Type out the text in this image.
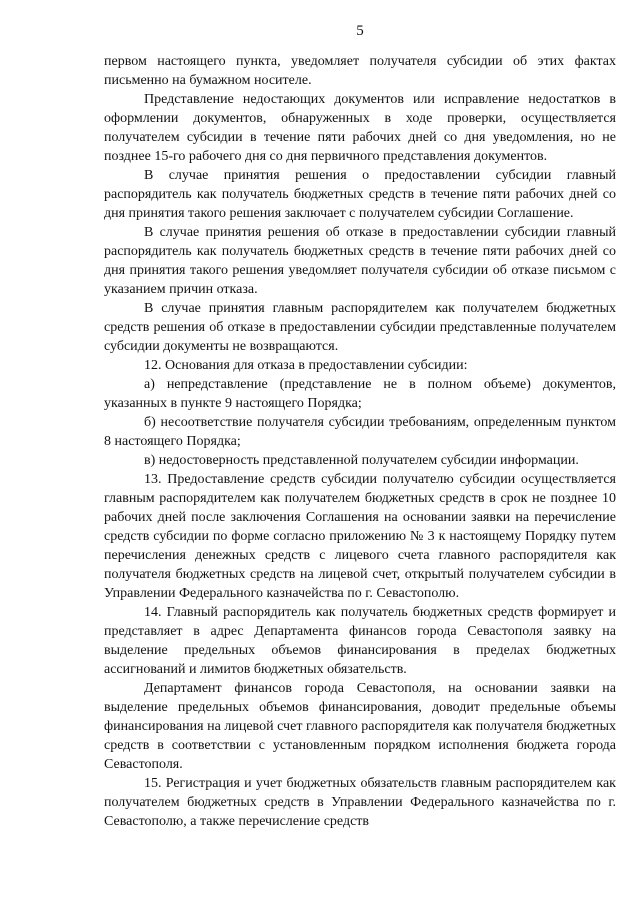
5

первом настоящего пункта, уведомляет получателя субсидии об этих фактах письменно на бумажном носителе.

Представление недостающих документов или исправление недостатков в оформлении документов, обнаруженных в ходе проверки, осуществляется получателем субсидии в течение пяти рабочих дней со дня уведомления, но не позднее 15-го рабочего дня со дня первичного представления документов.

В случае принятия решения о предоставлении субсидии главный распорядитель как получатель бюджетных средств в течение пяти рабочих дней со дня принятия такого решения заключает с получателем субсидии Соглашение.

В случае принятия решения об отказе в предоставлении субсидии главный распорядитель как получатель бюджетных средств в течение пяти рабочих дней со дня принятия такого решения уведомляет получателя субсидии об отказе письмом с указанием причин отказа.

В случае принятия главным распорядителем как получателем бюджетных средств решения об отказе в предоставлении субсидии представленные получателем субсидии документы не возвращаются.

12. Основания для отказа в предоставлении субсидии:

а) непредставление (представление не в полном объеме) документов, указанных в пункте 9 настоящего Порядка;

б) несоответствие получателя субсидии требованиям, определенным пунктом 8 настоящего Порядка;

в) недостоверность представленной получателем субсидии информации.

13. Предоставление средств субсидии получателю субсидии осуществляется главным распорядителем как получателем бюджетных средств в срок не позднее 10 рабочих дней после заключения Соглашения на основании заявки на перечисление средств субсидии по форме согласно приложению № 3 к настоящему Порядку путем перечисления денежных средств с лицевого счета главного распорядителя как получателя бюджетных средств на лицевой счет, открытый получателем субсидии в Управлении Федерального казначейства по г. Севастополю.

14. Главный распорядитель как получатель бюджетных средств формирует и представляет в адрес Департамента финансов города Севастополя заявку на выделение предельных объемов финансирования в пределах бюджетных ассигнований и лимитов бюджетных обязательств.

Департамент финансов города Севастополя, на основании заявки на выделение предельных объемов финансирования, доводит предельные объемы финансирования на лицевой счет главного распорядителя как получателя бюджетных средств в соответствии с установленным порядком исполнения бюджета города Севастополя.

15. Регистрация и учет бюджетных обязательств главным распорядителем как получателем бюджетных средств в Управлении Федерального казначейства по г. Севастополю, а также перечисление средств
